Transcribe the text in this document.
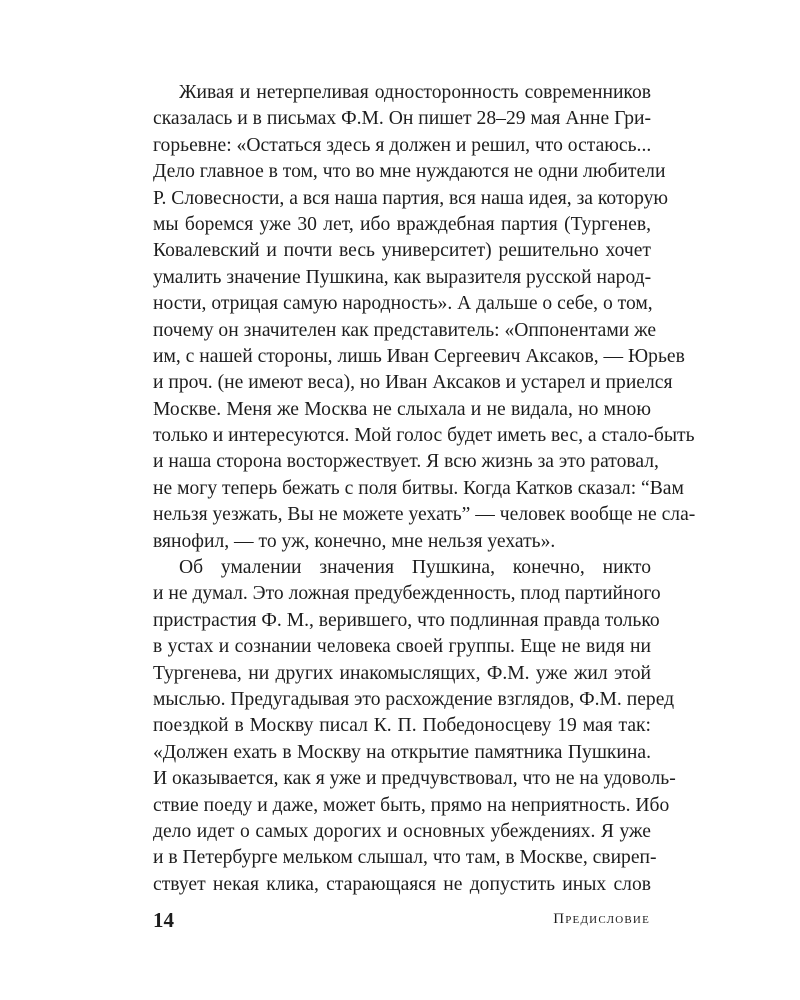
Живая и нетерпеливая односторонность современников
сказалась и в письмах Ф.М. Он пишет 28–29 мая Анне Гри-
горьевне: «Остаться здесь я должен и решил, что остаюсь...
Дело главное в том, что во мне нуждаются не одни любители
Р. Словесности, а вся наша партия, вся наша идея, за которую
мы боремся уже 30 лет, ибо враждебная партия (Тургенев,
Ковалевский и почти весь университет) решительно хочет
умалить значение Пушкина, как выразителя русской народ-
ности, отрицая самую народность». А дальше о себе, о том,
почему он значителен как представитель: «Оппонентами же
им, с нашей стороны, лишь Иван Сергеевич Аксаков, — Юрьев
и проч. (не имеют веса), но Иван Аксаков и устарел и приелся
Москве. Меня же Москва не слыхала и не видала, но мною
только и интересуются. Мой голос будет иметь вес, а стало-быть
и наша сторона восторжествует. Я всю жизнь за это ратовал,
не могу теперь бежать с поля битвы. Когда Катков сказал: “Вам
нельзя уезжать, Вы не можете уехать” — человек вообще не сла-
вянофил, — то уж, конечно, мне нельзя уехать».
Об умалении значения Пушкина, конечно, никто
и не думал. Это ложная предубежденность, плод партийного
пристрастия Ф. М., верившего, что подлинная правда только
в устах и сознании человека своей группы. Еще не видя ни
Тургенева, ни других инакомыслящих, Ф.М. уже жил этой
мыслью. Предугадывая это расхождение взглядов, Ф.М. перед
поездкой в Москву писал К. П. Победоносцеву 19 мая так:
«Должен ехать в Москву на открытие памятника Пушкина.
И оказывается, как я уже и предчувствовал, что не на удоволь-
ствие поеду и даже, может быть, прямо на неприятность. Ибо
дело идет о самых дорогих и основных убеждениях. Я уже
и в Петербурге мельком слышал, что там, в Москве, свиреп-
ствует некая клика, старающаяся не допустить иных слов
14	Предисловие
